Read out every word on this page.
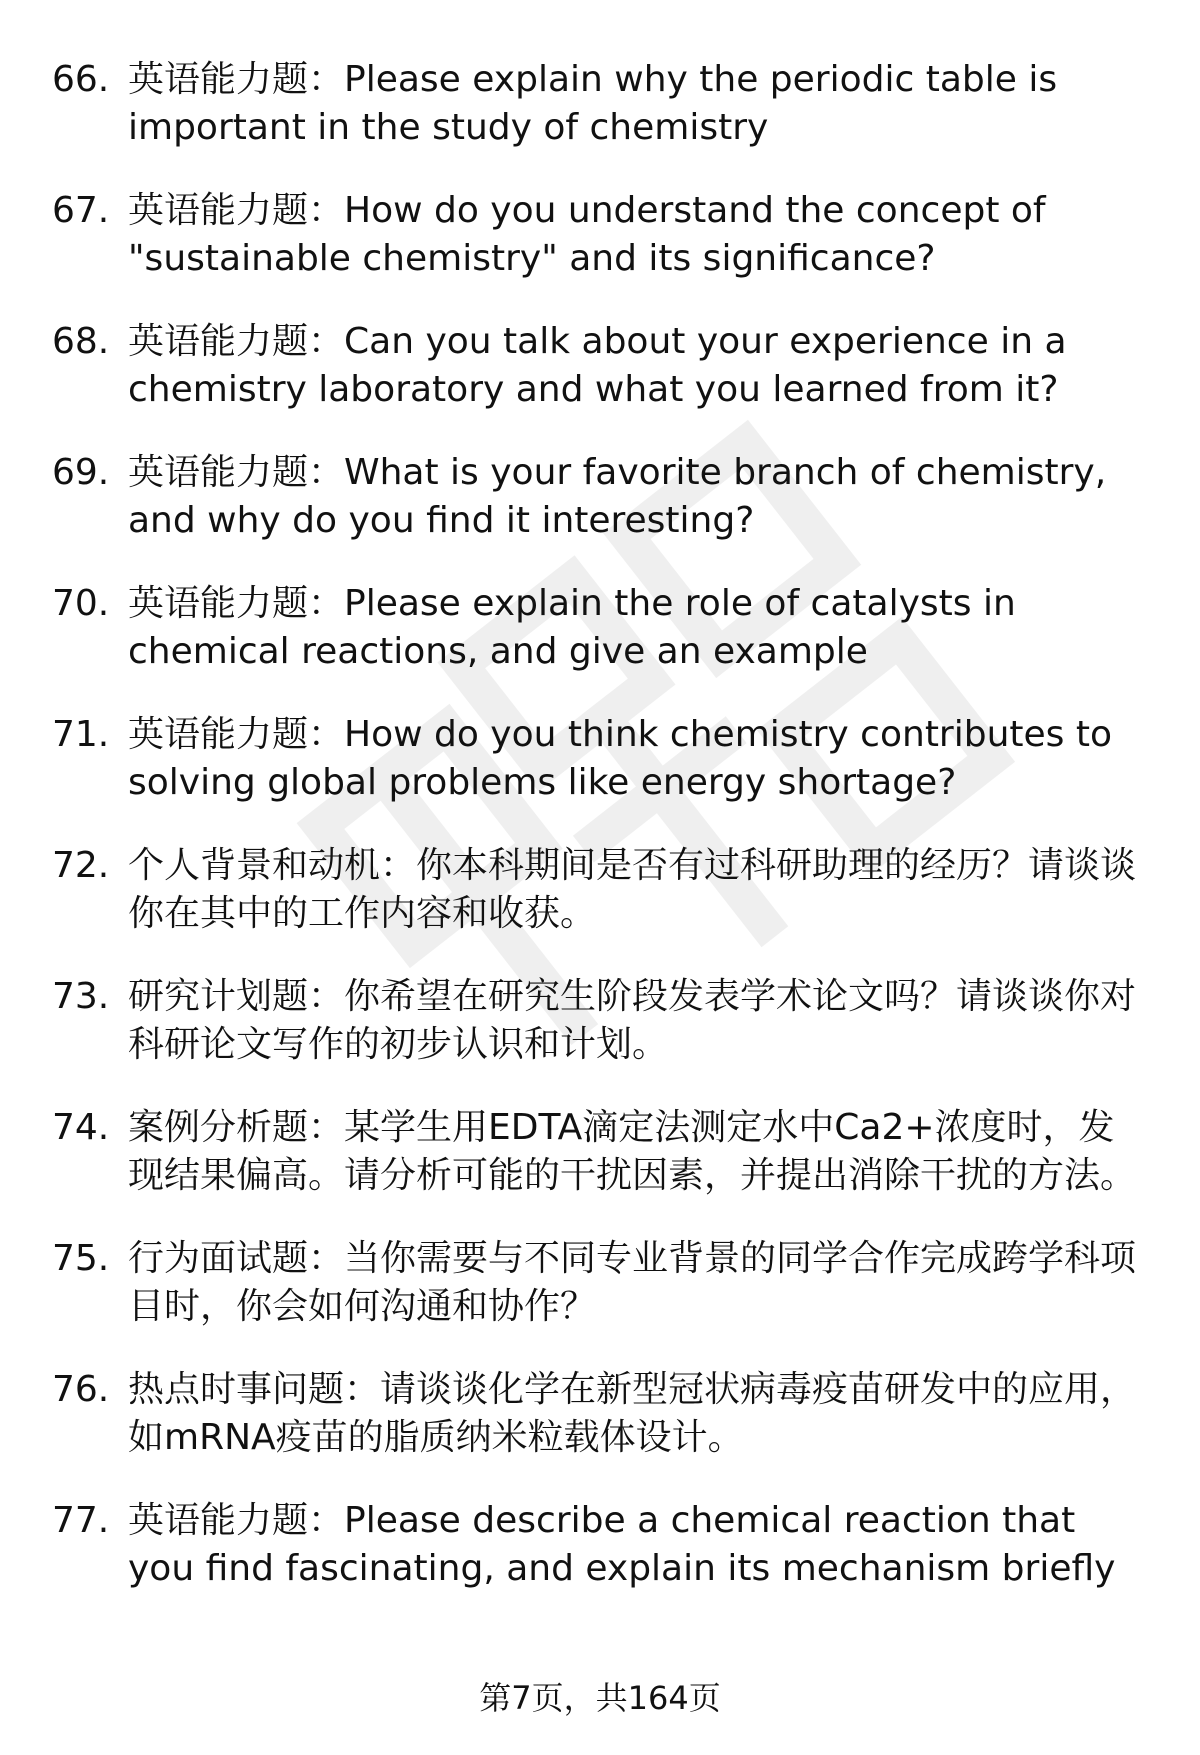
66. 英语能力题：Please explain why the periodic table is important in the study of chemistry
67. 英语能力题：How do you understand the concept of "sustainable chemistry" and its significance?
68. 英语能力题：Can you talk about your experience in a chemistry laboratory and what you learned from it?
69. 英语能力题：What is your favorite branch of chemistry, and why do you find it interesting?
70. 英语能力题：Please explain the role of catalysts in chemical reactions, and give an example
71. 英语能力题：How do you think chemistry contributes to solving global problems like energy shortage?
72. 个人背景和动机：你本科期间是否有过科研助理的经历？请谈谈你在其中的工作内容和收获。
73. 研究计划题：你希望在研究生阶段发表学术论文吗？请谈谈你对科研论文写作的初步认识和计划。
74. 案例分析题：某学生用EDTA滴定法测定水中Ca2+浓度时，发现结果偏高。请分析可能的干扰因素，并提出消除干扰的方法。
75. 行为面试题：当你需要与不同专业背景的同学合作完成跨学科项目时，你会如何沟通和协作？
76. 热点时事问题：请谈谈化学在新型冠状病毒疫苗研发中的应用，如mRNA疫苗的脂质纳米粒载体设计。
77. 英语能力题：Please describe a chemical reaction that you find fascinating, and explain its mechanism briefly
第7页，共164页
